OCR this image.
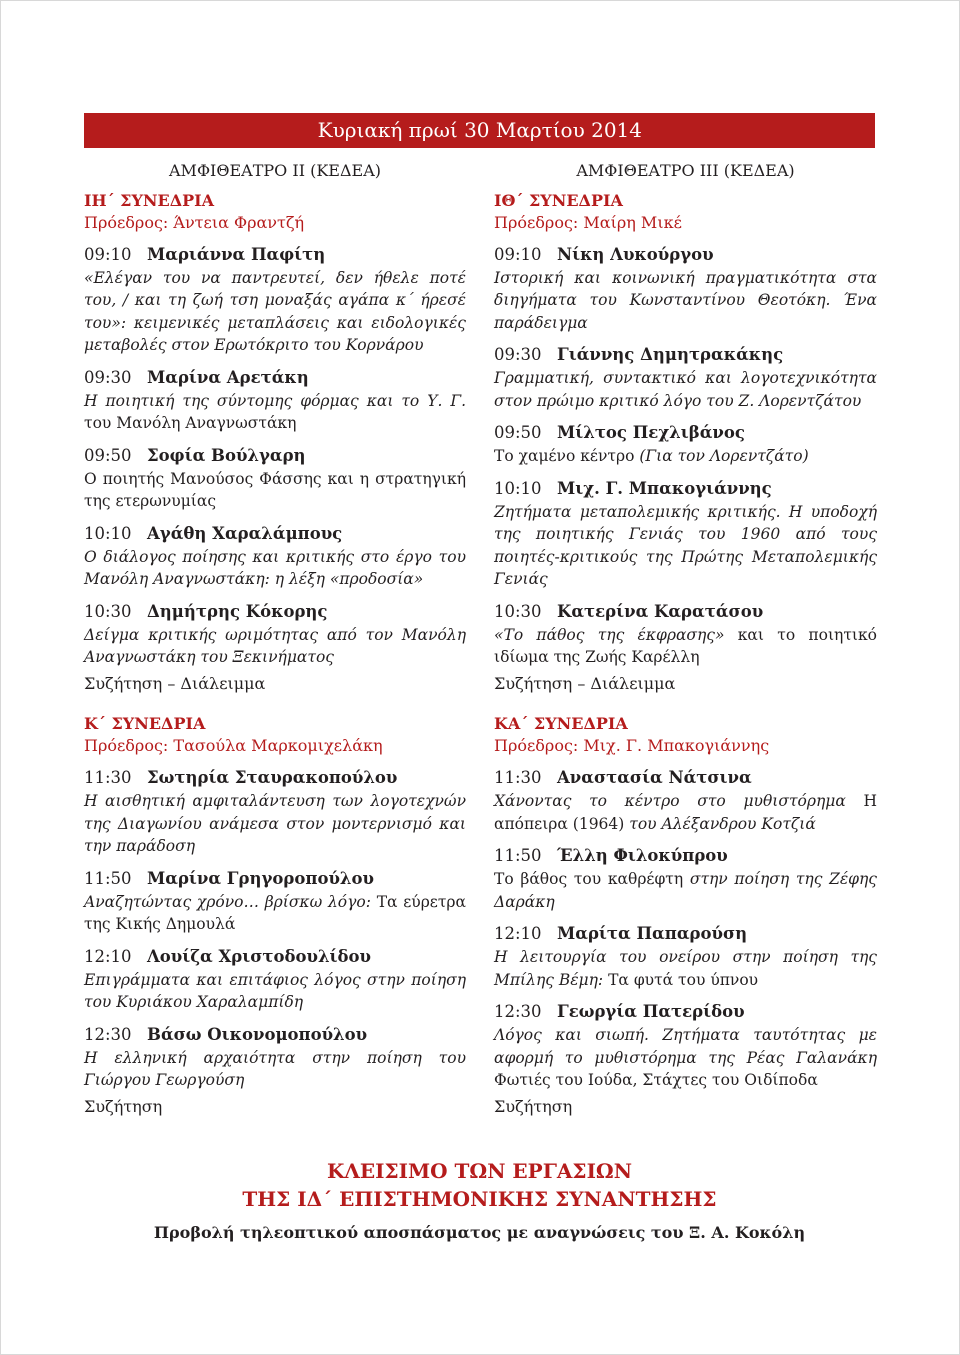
Κυριακή πρωί 30 Μαρτίου 2014
ΑΜΦΙΘΕΑΤΡΟ ΙΙ (ΚΕΔΕΑ)
ΙΗ΄ ΣΥΝΕΔΡΙΑ
Πρόεδρος: Άντεια Φραντζή
09:10 Μαριάννα Παφίτη
«Ελέγαν του να παντρευτεί, δεν ήθελε ποτέ του, / και τη ζωή τση μοναξάς αγάπα κ΄ ήρεσέ του»: κειμενικές μεταπλάσεις και ειδολογικές μεταβολές στον Ερωτόκριτο του Κορνάρου
09:30 Μαρίνα Αρετάκη
Η ποιητική της σύντομης φόρμας και το Υ. Γ. του Μανόλη Αναγνωστάκη
09:50 Σοφία Βούλγαρη
Ο ποιητής Μανούσος Φάσσης και η στρατηγική της ετερωνυμίας
10:10 Αγάθη Χαραλάμπους
Ο διάλογος ποίησης και κριτικής στο έργο του Μανόλη Αναγνωστάκη: η λέξη «προδοσία»
10:30 Δημήτρης Κόκορης
Δείγμα κριτικής ωριμότητας από τον Μανόλη Αναγνωστάκη του Ξεκινήματος
Συζήτηση – Διάλειμμα
Κ΄ ΣΥΝΕΔΡΙΑ
Πρόεδρος: Τασούλα Μαρκομιχελάκη
11:30 Σωτηρία Σταυρακοπούλου
Η αισθητική αμφιταλάντευση των λογοτεχνών της Διαγωνίου ανάμεσα στον μοντερνισμό και την παράδοση
11:50 Μαρίνα Γρηγοροπούλου
Αναζητώντας χρόνο… βρίσκω λόγο: Τα εύρετρα της Κικής Δημουλά
12:10 Λουίζα Χριστοδουλίδου
Επιγράμματα και επιτάφιος λόγος στην ποίηση του Κυριάκου Χαραλαμπίδη
12:30 Βάσω Οικονομοπούλου
Η ελληνική αρχαιότητα στην ποίηση του Γιώργου Γεωργούση
Συζήτηση
ΑΜΦΙΘΕΑΤΡΟ ΙΙΙ (ΚΕΔΕΑ)
ΙΘ΄ ΣΥΝΕΔΡΙΑ
Πρόεδρος: Μαίρη Μικέ
09:10 Νίκη Λυκούργου
Ιστορική και κοινωνική πραγματικότητα στα διηγήματα του Κωνσταντίνου Θεοτόκη. Ένα παράδειγμα
09:30 Γιάννης Δημητρακάκης
Γραμματική, συντακτικό και λογοτεχνικότητα στον πρώιμο κριτικό λόγο του Ζ. Λορεντζάτου
09:50 Μίλτος Πεχλιβάνος
Το χαμένο κέντρο (Για τον Λορεντζάτο)
10:10 Μιχ. Γ. Μπακογιάννης
Ζητήματα μεταπολεμικής κριτικής. Η υποδοχή της ποιητικής Γενιάς του 1960 από τους ποιητές-κριτικούς της Πρώτης Μεταπολεμικής Γενιάς
10:30 Κατερίνα Καρατάσου
«Το πάθος της έκφρασης» και το ποιητικό ιδίωμα της Ζωής Καρέλλη
Συζήτηση – Διάλειμμα
ΚΑ΄ ΣΥΝΕΔΡΙΑ
Πρόεδρος: Μιχ. Γ. Μπακογιάννης
11:30 Αναστασία Νάτσινα
Χάνοντας το κέντρο στο μυθιστόρημα Η απόπειρα (1964) του Αλέξανδρου Κοτζιά
11:50 Έλλη Φιλοκύπρου
Το βάθος του καθρέφτη στην ποίηση της Ζέφης Δαράκη
12:10 Μαρίτα Παπαρούση
Η λειτουργία του ονείρου στην ποίηση της Μπίλης Βέμη: Τα φυτά του ύπνου
12:30 Γεωργία Πατερίδου
Λόγος και σιωπή. Ζητήματα ταυτότητας με αφορμή το μυθιστόρημα της Ρέας Γαλανάκη Φωτιές του Ιούδα, Στάχτες του Οιδίποδα
Συζήτηση
ΚΛΕΙΣΙΜΟ ΤΩΝ ΕΡΓΑΣΙΩΝ
ΤΗΣ ΙΔ΄ ΕΠΙΣΤΗΜΟΝΙΚΗΣ ΣΥΝΑΝΤΗΣΗΣ
Προβολή τηλεοπτικού αποσπάσματος με αναγνώσεις του Ξ. Α. Κοκόλη
